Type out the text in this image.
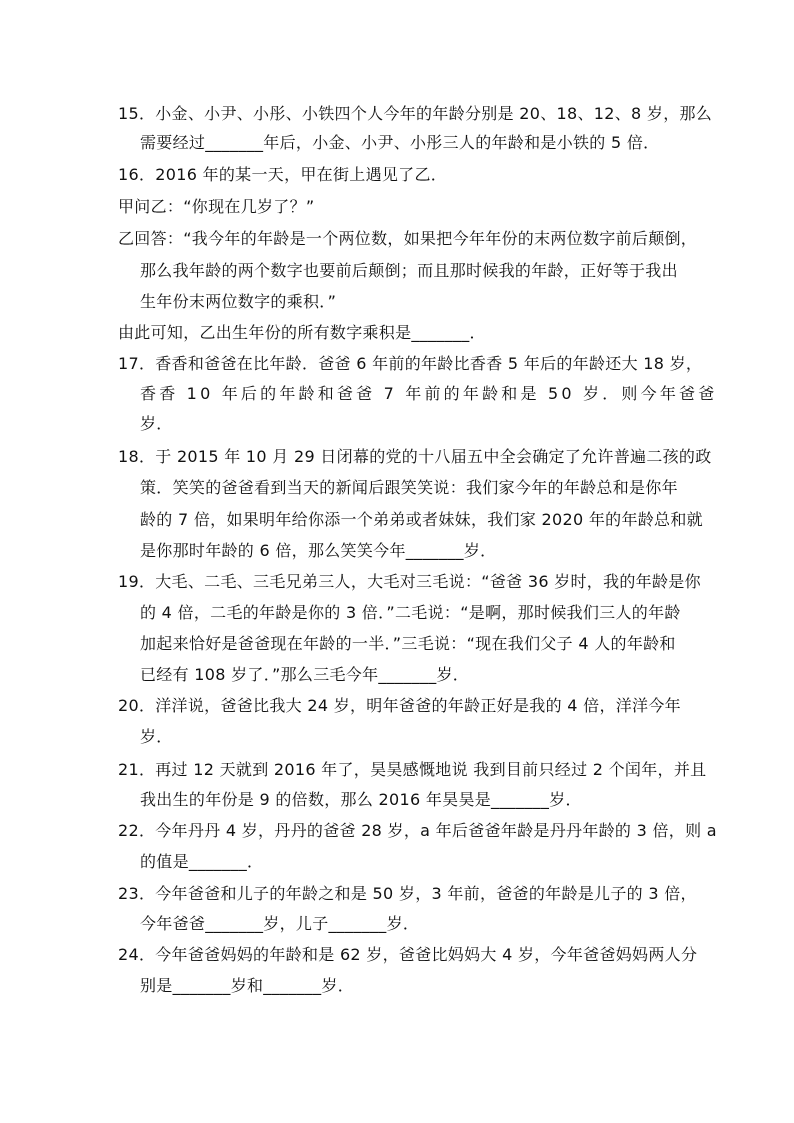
15．小金、小尹、小彤、小铁四个人今年的年龄分别是 20、18、12、8 岁，那么
需要经过_______年后，小金、小尹、小彤三人的年龄和是小铁的 5 倍．
16．2016 年的某一天，甲在街上遇见了乙．
甲问乙：“你现在几岁了？”
乙回答：“我今年的年龄是一个两位数，如果把今年年份的末两位数字前后颠倒，
那么我年龄的两个数字也要前后颠倒；而且那时候我的年龄，正好等于我出
生年份末两位数字的乘积．”
由此可知，乙出生年份的所有数字乘积是_______．
17．香香和爸爸在比年龄．爸爸 6 年前的年龄比香香 5 年后的年龄还大 18 岁，
香香 10 年后的年龄和爸爸 7 年前的年龄和是 50 岁．则今年爸爸
岁．
18．于 2015 年 10 月 29 日闭幕的党的十八届五中全会确定了允许普遍二孩的政
策．笑笑的爸爸看到当天的新闻后跟笑笑说：我们家今年的年龄总和是你年
龄的 7 倍，如果明年给你添一个弟弟或者妹妹，我们家 2020 年的年龄总和就
是你那时年龄的 6 倍，那么笑笑今年_______岁．
19．大毛、二毛、三毛兄弟三人，大毛对三毛说：“爸爸 36 岁时，我的年龄是你
的 4 倍，二毛的年龄是你的 3 倍．”二毛说：“是啊，那时候我们三人的年龄
加起来恰好是爸爸现在年龄的一半．”三毛说：“现在我们父子 4 人的年龄和
已经有 108 岁了．”那么三毛今年_______岁．
20．洋洋说，爸爸比我大 24 岁，明年爸爸的年龄正好是我的 4 倍，洋洋今年
岁．
21．再过 12 天就到 2016 年了，昊昊感慨地说 我到目前只经过 2 个闰年，并且
我出生的年份是 9 的倍数，那么 2016 年昊昊是_______岁．
22．今年丹丹 4 岁，丹丹的爸爸 28 岁，a 年后爸爸年龄是丹丹年龄的 3 倍，则 a
的值是_______．
23．今年爸爸和儿子的年龄之和是 50 岁，3 年前，爸爸的年龄是儿子的 3 倍，
今年爸爸_______岁，儿子_______岁．
24．今年爸爸妈妈的年龄和是 62 岁，爸爸比妈妈大 4 岁，今年爸爸妈妈两人分
别是_______岁和_______岁．
